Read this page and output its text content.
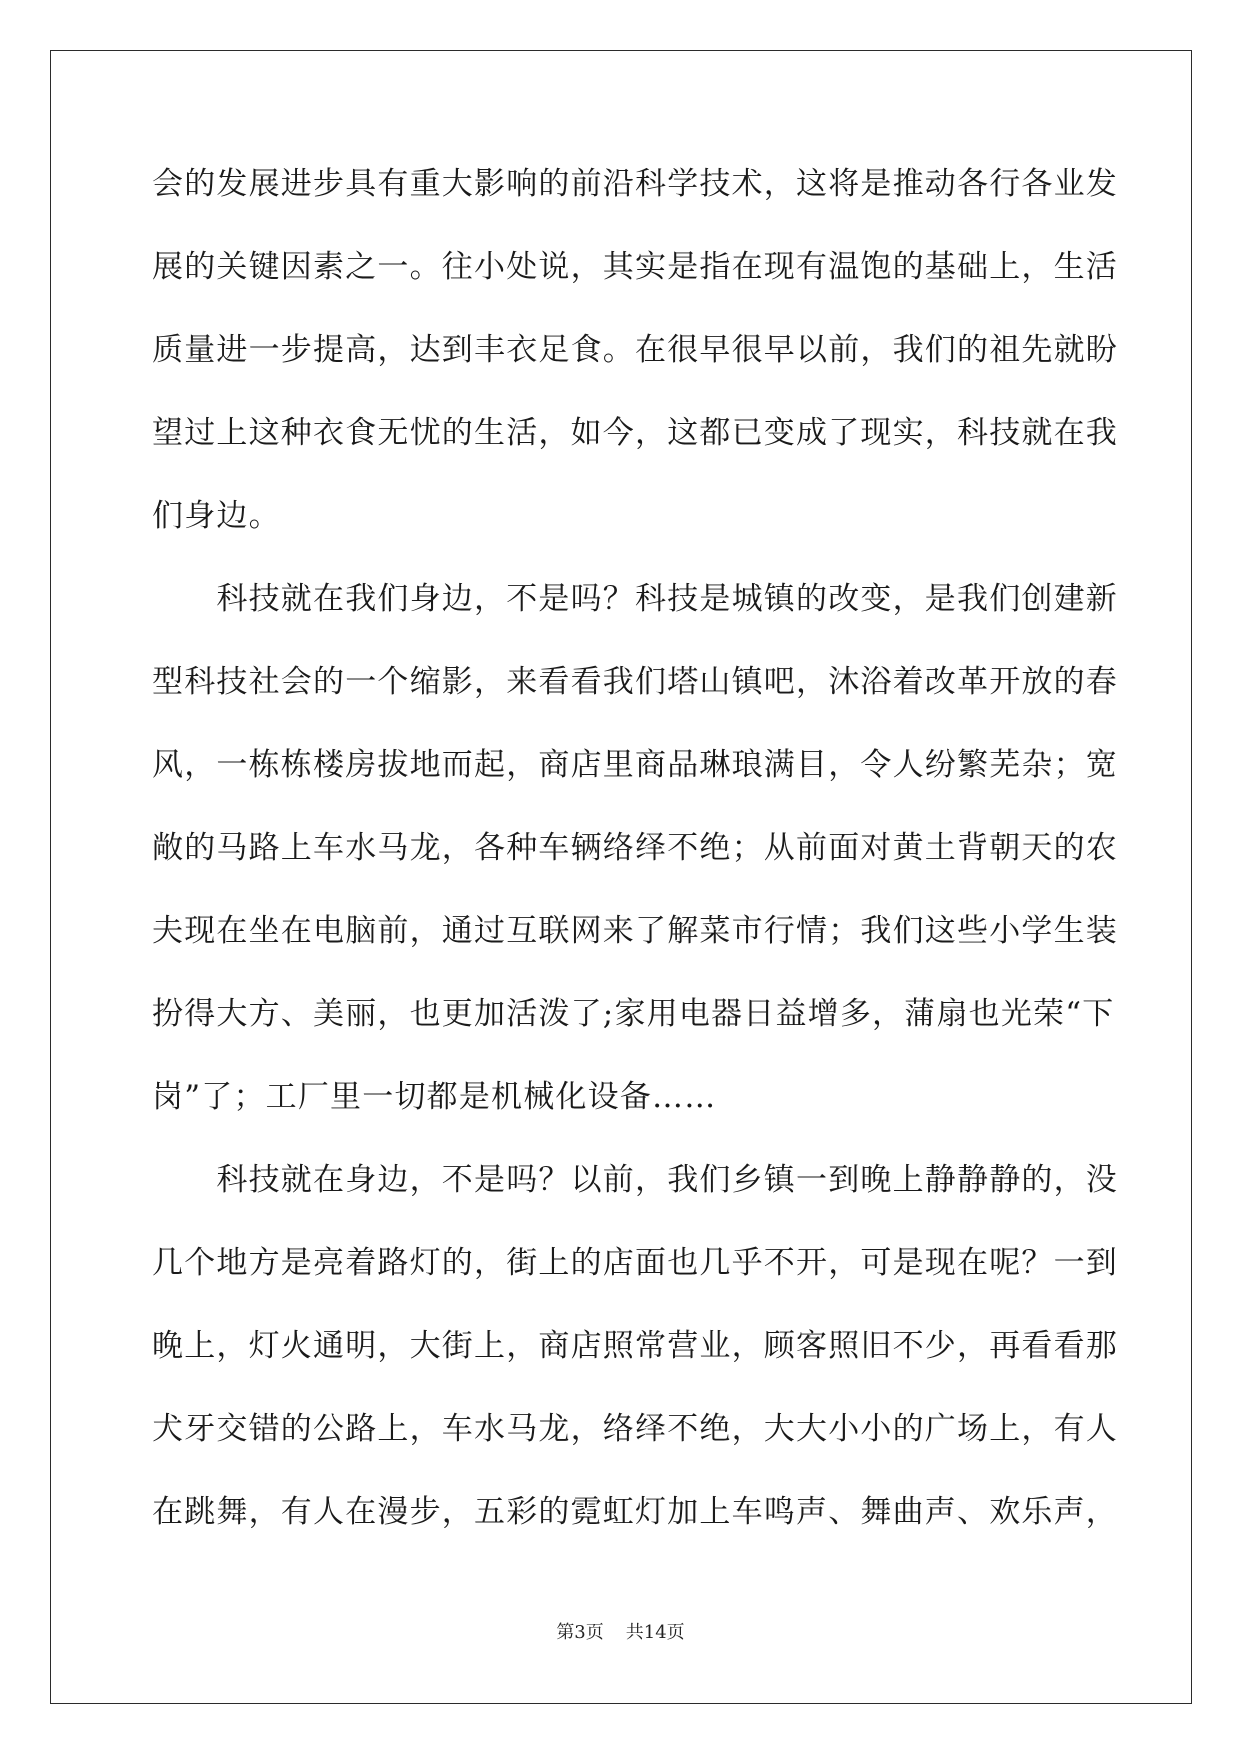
会的发展进步具有重大影响的前沿科学技术，这将是推动各行各业发
展的关键因素之一。往小处说，其实是指在现有温饱的基础上，生活
质量进一步提高，达到丰衣足食。在很早很早以前，我们的祖先就盼
望过上这种衣食无忧的生活，如今，这都已变成了现实，科技就在我
们身边。
　　科技就在我们身边，不是吗？科技是城镇的改变，是我们创建新
型科技社会的一个缩影，来看看我们塔山镇吧，沐浴着改革开放的春
风，一栋栋楼房拔地而起，商店里商品琳琅满目，令人纷繁芜杂；宽
敞的马路上车水马龙，各种车辆络绎不绝；从前面对黄土背朝天的农
夫现在坐在电脑前，通过互联网来了解菜市行情；我们这些小学生装
扮得大方、美丽，也更加活泼了;家用电器日益增多，蒲扇也光荣“下
岗”了；工厂里一切都是机械化设备……
　　科技就在身边，不是吗？以前，我们乡镇一到晚上静静静的，没
几个地方是亮着路灯的，街上的店面也几乎不开，可是现在呢？一到
晚上，灯火通明，大街上，商店照常营业，顾客照旧不少，再看看那
犬牙交错的公路上，车水马龙，络绎不绝，大大小小的广场上，有人
在跳舞，有人在漫步，五彩的霓虹灯加上车鸣声、舞曲声、欢乐声，
第3页 共14页
